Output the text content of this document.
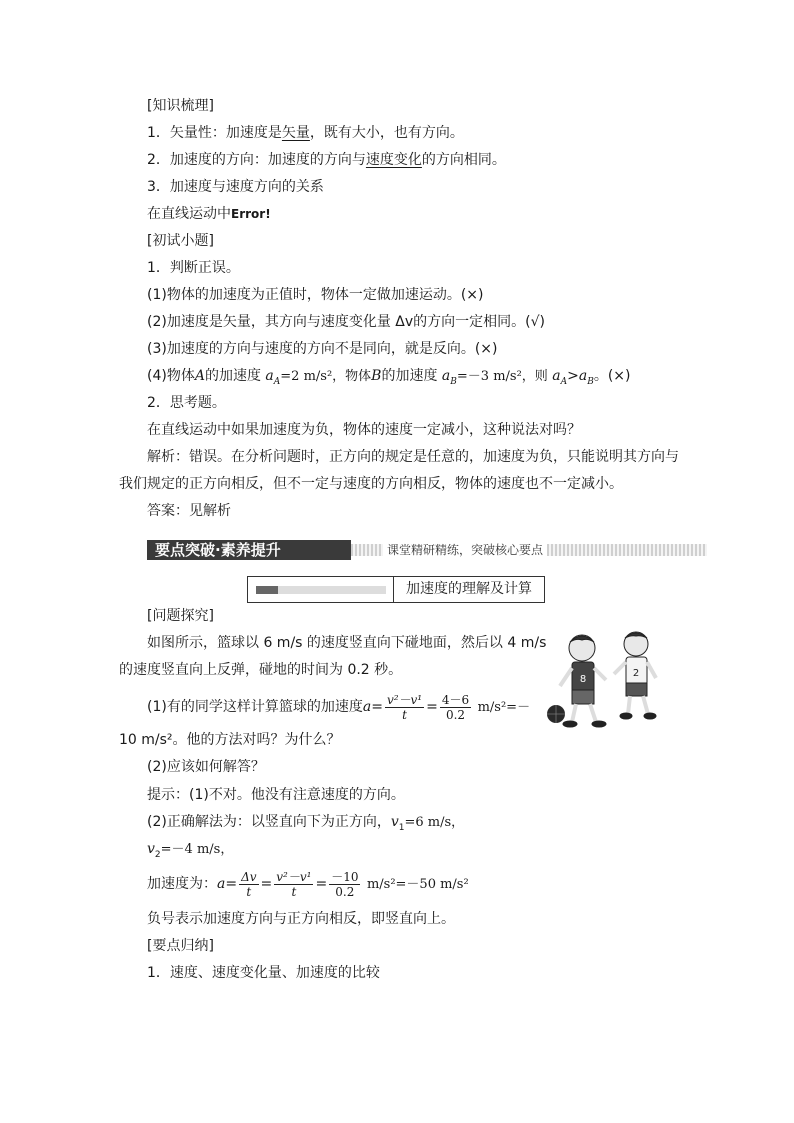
[知识梳理]
1．矢量性：加速度是矢量，既有大小，也有方向。
2．加速度的方向：加速度的方向与速度变化的方向相同。
3．加速度与速度方向的关系
在直线运动中Error!
[初试小题]
1．判断正误。
(1)物体的加速度为正值时，物体一定做加速运动。(×)
(2)加速度是矢量，其方向与速度变化量 Δv的方向一定相同。(√)
(3)加速度的方向与速度的方向不是同向，就是反向。(×)
(4)物体A的加速度 $a_A=2$ m/s²，物体B的加速度 $a_B=-3$ m/s²，则 $a_A>a_B$。(×)
2．思考题。
在直线运动中如果加速度为负，物体的速度一定减小，这种说法对吗？
解析：错误。在分析问题时，正方向的规定是任意的，加速度为负，只能说明其方向与
我们规定的正方向相反，但不一定与速度的方向相反，物体的速度也不一定减小。
答案：见解析
要点突破·素养提升	课堂精研精练，突破核心要点
加速度的理解及计算
[问题探究]
如图所示，篮球以 6 m/s 的速度竖直向下碰地面，然后以 4 m/s
的速度竖直向上反弹，碰地的时间为 0.2 秒。
(1)有的同学这样计算篮球的加速度$a= \frac{\text{v²－v¹}}{t} = \frac{4-6}{0.2} m/s^2=-$
10 m/s²。他的方法对吗？为什么？
(2)应该如何解答？
提示：(1)不对。他没有注意速度的方向。
(2)正确解法为：以竖直向下为正方向，$v_1=6$ m/s，
$v_2=-4$ m/s，
加速度为：$a= \frac{\Delta v}{t} = \frac{\text{v²－v¹}}{t} = \frac{-10}{0.2} m/s^2=-50$ m/s²
负号表示加速度方向与正方向相反，即竖直向上。
[要点归纳]
1．速度、速度变化量、加速度的比较
8
2
